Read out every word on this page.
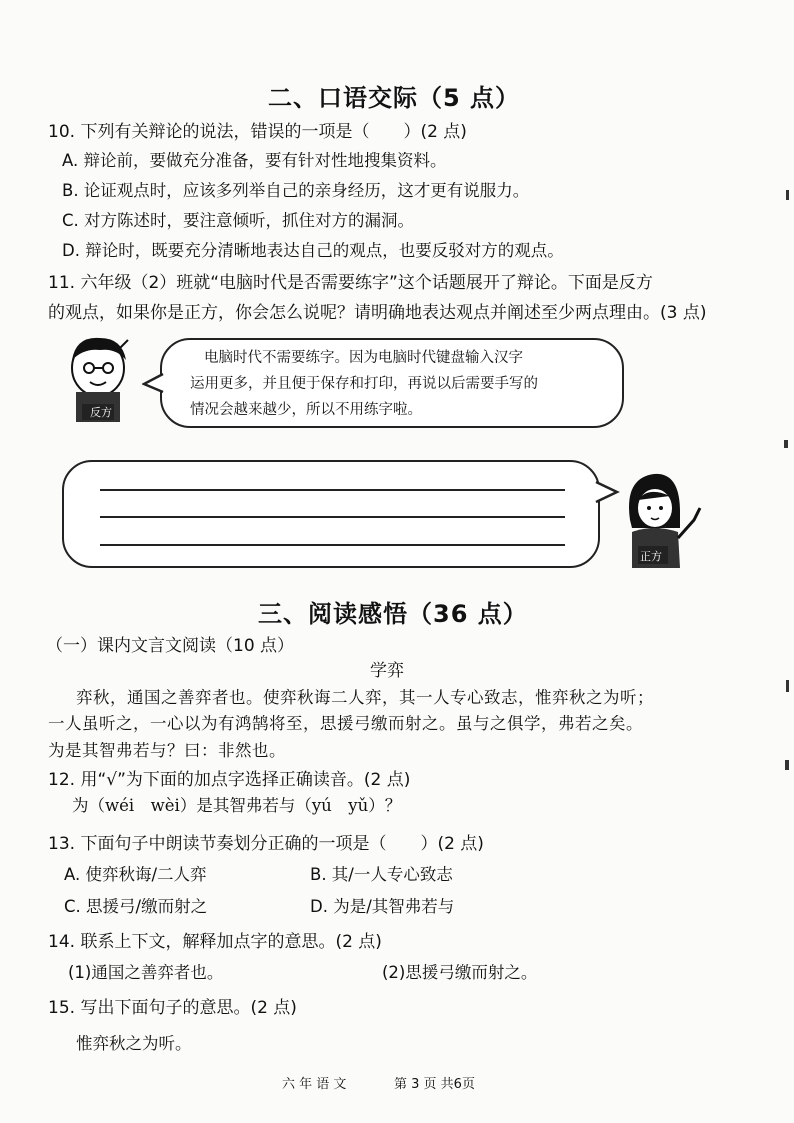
二、口语交际（5 点）
10. 下列有关辩论的说法，错误的一项是（　　）(2 点)
A. 辩论前，要做充分准备，要有针对性地搜集资料。
B. 论证观点时，应该多列举自己的亲身经历，这才更有说服力。
C. 对方陈述时，要注意倾听，抓住对方的漏洞。
D. 辩论时，既要充分清晰地表达自己的观点，也要反驳对方的观点。
11. 六年级（2）班就“电脑时代是否需要练字”这个话题展开了辩论。下面是反方
的观点，如果你是正方，你会怎么说呢？请明确地表达观点并阐述至少两点理由。(3 点)
反方
电脑时代不需要练字。因为电脑时代键盘输入汉字
运用更多，并且便于保存和打印，再说以后需要手写的
情况会越来越少，所以不用练字啦。
正方
三、阅读感悟（36 点）
（一）课内文言文阅读（10 点）
学弈
弈秋，通国之善弈者也。使弈秋诲二人弈，其一人专心致志，惟弈秋之为听；
一人虽听之，一心以为有鸿鹄将至，思援弓缴而射之。虽与之俱学，弗若之矣。
为是其智弗若与？曰：非然也。
12. 用“√”为下面的加点字选择正确读音。(2 点)
为（wéi　wèi）是其智弗若与（yú　yǔ）？
13. 下面句子中朗读节奏划分正确的一项是（　　）(2 点)
A. 使弈秋诲/二人弈	B. 其/一人专心致志
C. 思援弓/缴而射之	D. 为是/其智弗若与
14. 联系上下文，解释加点字的意思。(2 点)
(1)通国之善弈者也。	(2)思援弓缴而射之。
15. 写出下面句子的意思。(2 点)
惟弈秋之为听。
六 年 语 文	第 3 页 共6页
